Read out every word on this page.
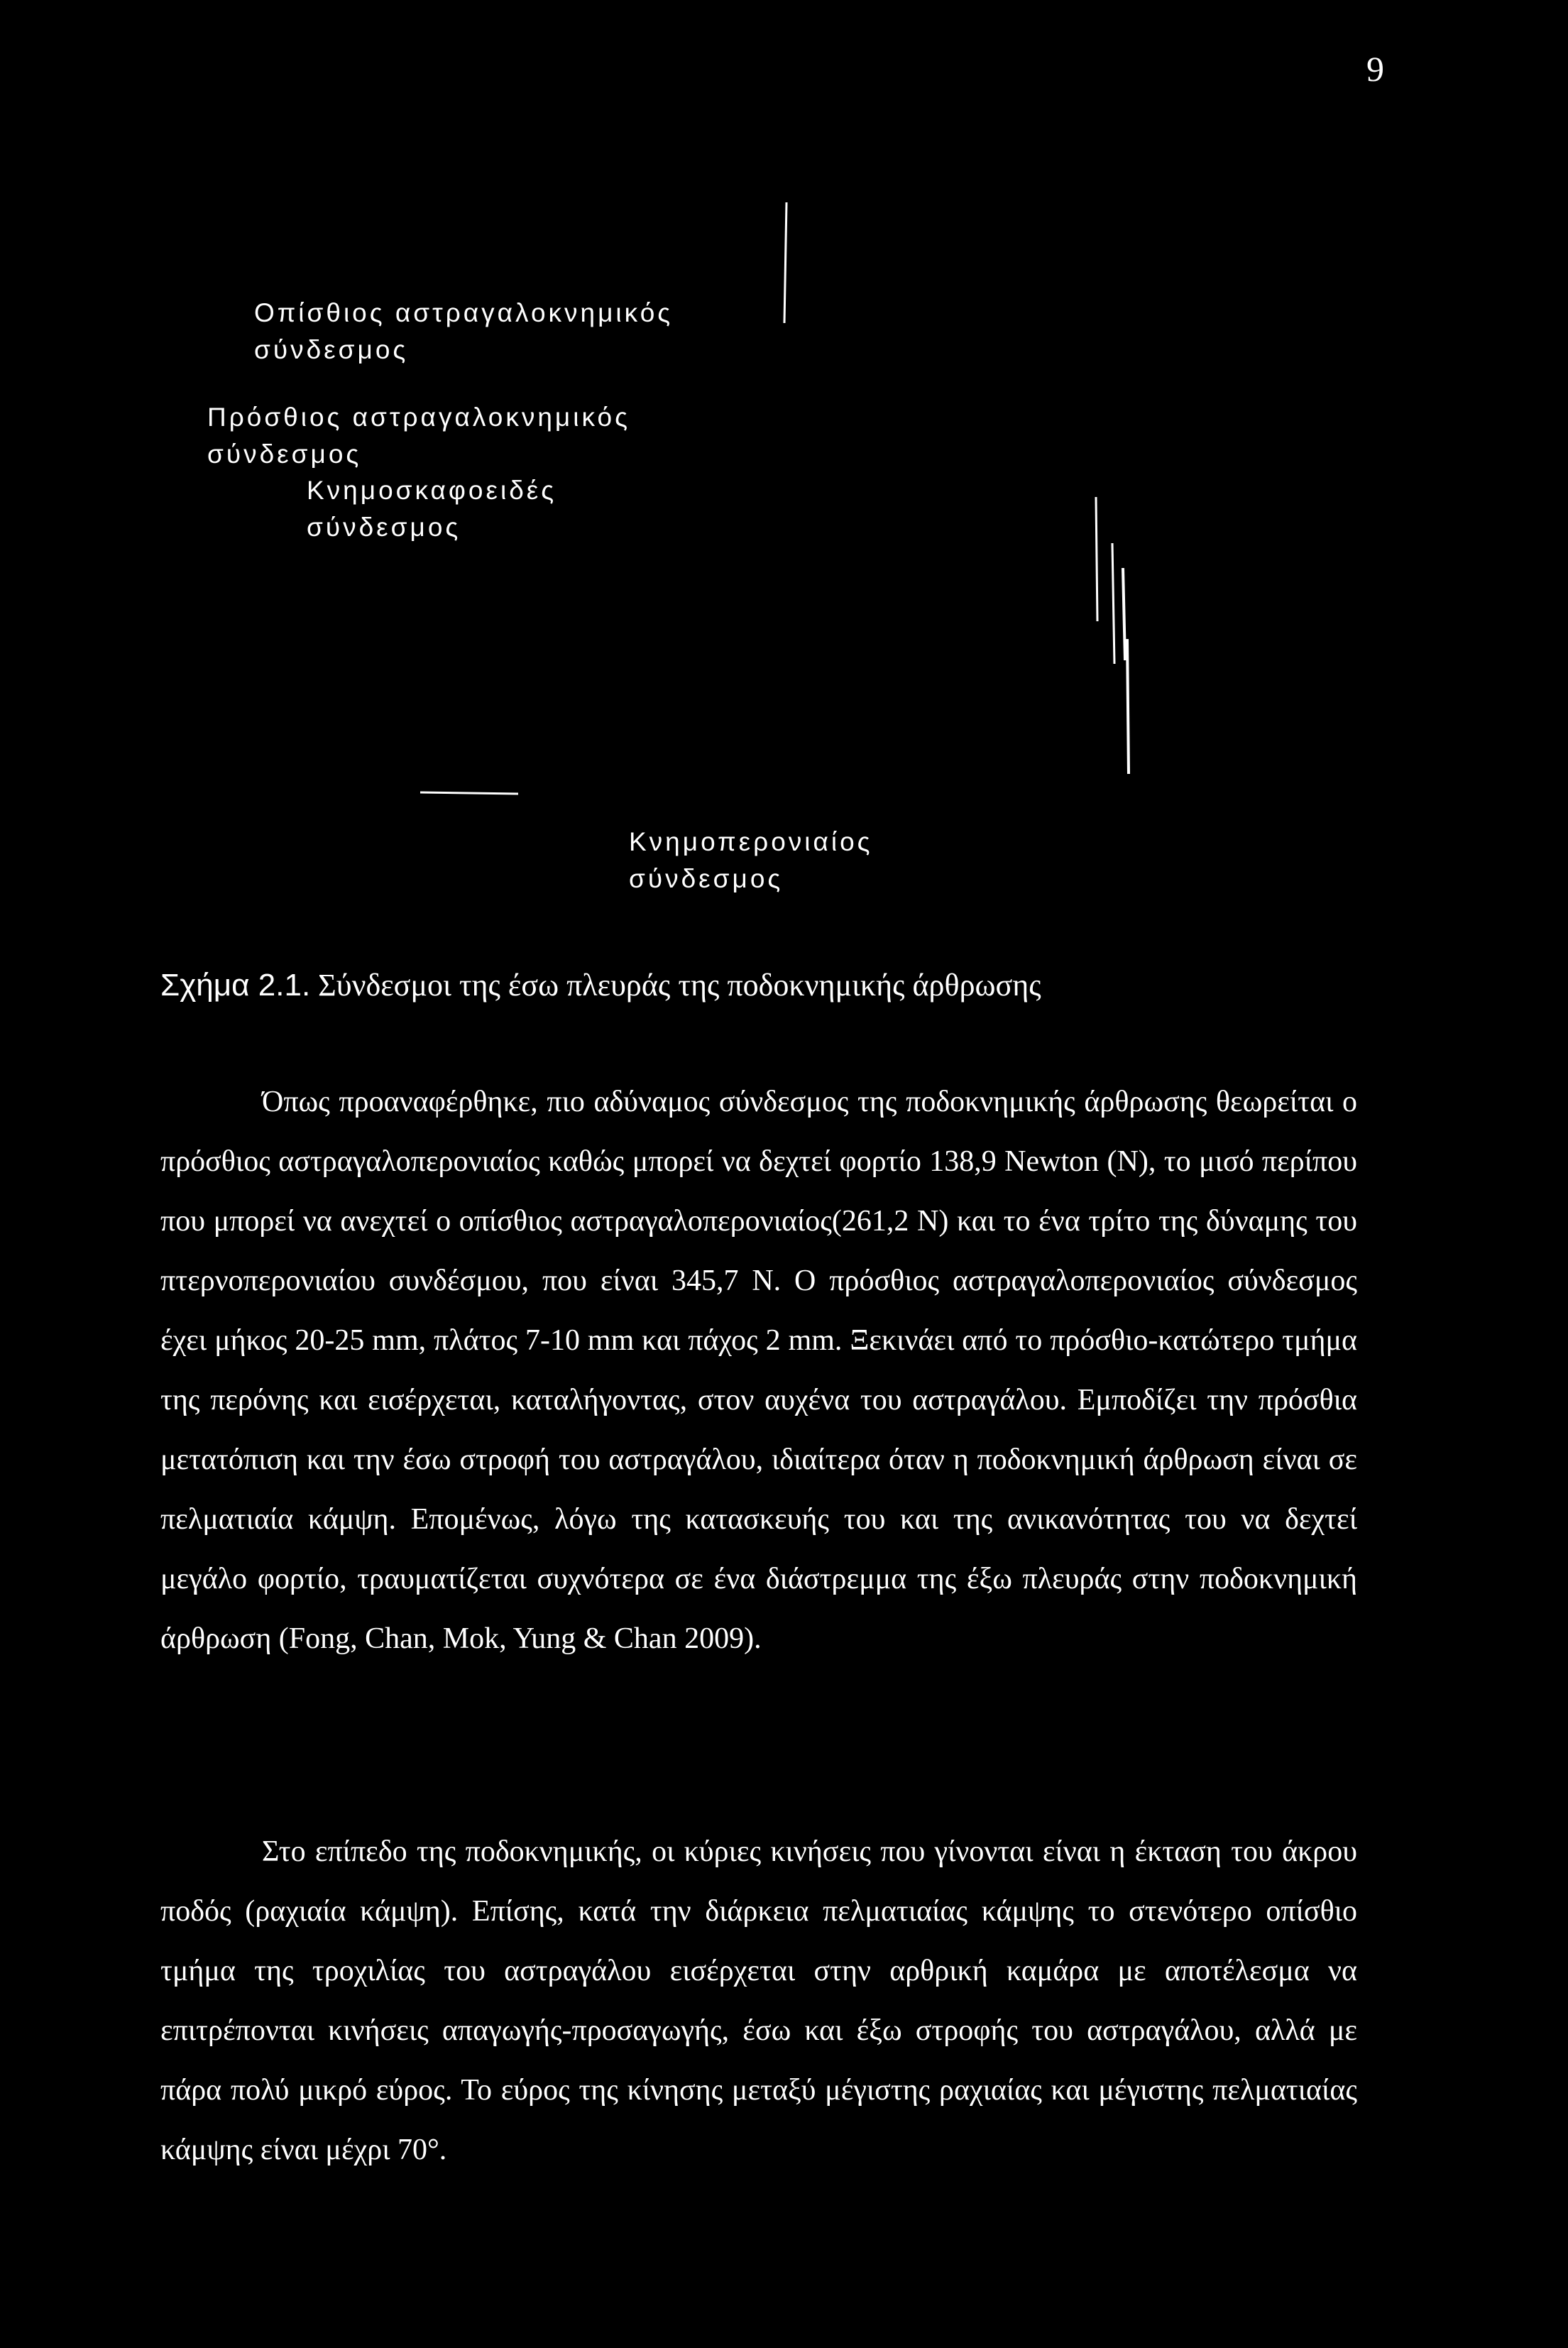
9
Οπίσθιος αστραγαλοκνημικός
σύνδεσμος
Πρόσθιος αστραγαλοκνημικός
σύνδεσμος
Κνημοσκαφοειδές
σύνδεσμος
Κνημοπερονιαίος
σύνδεσμος
Σχήμα 2.1. Σύνδεσμοι της έσω πλευράς της ποδοκνημικής άρθρωσης

Όπως προαναφέρθηκε, πιο αδύναμος σύνδεσμος της ποδοκνημικής άρθρωσης θεωρείται ο πρόσθιος αστραγαλοπερονιαίος καθώς μπορεί να δεχτεί φορτίο 138,9 Newton (N), το μισό περίπου που μπορεί να ανεχτεί ο οπίσθιος αστραγαλοπερονιαίος(261,2 N) και το ένα τρίτο της δύναμης του πτερνοπερονιαίου συνδέσμου, που είναι 345,7 N. Ο πρόσθιος αστραγαλοπερονιαίος σύνδεσμος έχει μήκος 20-25 mm, πλάτος 7-10 mm και πάχος 2 mm. Ξεκινάει από το πρόσθιο-κατώτερο τμήμα της περόνης και εισέρχεται, καταλήγοντας, στον αυχένα του αστραγάλου. Εμποδίζει την πρόσθια μετατόπιση και την έσω στροφή του αστραγάλου, ιδιαίτερα όταν η ποδοκνημική άρθρωση είναι σε πελματιαία κάμψη. Επομένως, λόγω της κατασκευής του και της ανικανότητας του να δεχτεί μεγάλο φορτίο, τραυματίζεται συχνότερα σε ένα διάστρεμμα της έξω πλευράς στην ποδοκνημική άρθρωση (Fong, Chan, Mok, Yung & Chan 2009).

Στο επίπεδο της ποδοκνημικής, οι κύριες κινήσεις που γίνονται είναι η έκταση του άκρου ποδός (ραχιαία κάμψη). Επίσης, κατά την διάρκεια πελματιαίας κάμψης το στενότερο οπίσθιο τμήμα της τροχιλίας του αστραγάλου εισέρχεται στην αρθρική καμάρα με αποτέλεσμα να επιτρέπονται κινήσεις απαγωγής-προσαγωγής, έσω και έξω στροφής του αστραγάλου, αλλά με πάρα πολύ μικρό εύρος. Το εύρος της κίνησης μεταξύ μέγιστης ραχιαίας και μέγιστης πελματιαίας κάμψης είναι μέχρι 70°.
